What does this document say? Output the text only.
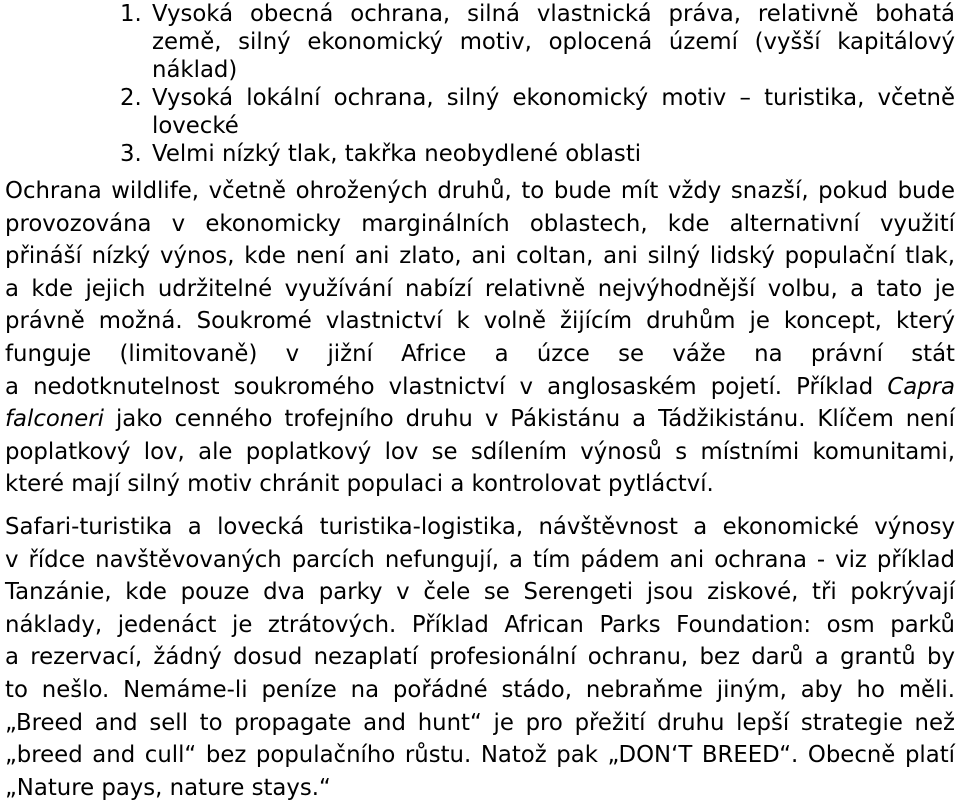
1. Vysoká obecná ochrana, silná vlastnická práva, relativně bohatá
země, silný ekonomický motiv, oplocená území (vyšší kapitálový
náklad)
2. Vysoká lokální ochrana, silný ekonomický motiv – turistika, včetně
lovecké
3. Velmi nízký tlak, takřka neobydlené oblasti
Ochrana wildlife, včetně ohrožených druhů, to bude mít vždy snazší, pokud bude
provozována v ekonomicky marginálních oblastech, kde alternativní využití
přináší nízký výnos, kde není ani zlato, ani coltan, ani silný lidský populační tlak,
a kde jejich udržitelné využívání nabízí relativně nejvýhodnější volbu, a tato je
právně možná. Soukromé vlastnictví k volně žijícím druhům je koncept, který
funguje (limitovaně) v jižní Africe a úzce se váže na právní stát
a nedotknutelnost soukromého vlastnictví v anglosaském pojetí. Příklad Capra
falconeri jako cenného trofejního druhu v Pákistánu a Tádžikistánu. Klíčem není
poplatkový lov, ale poplatkový lov se sdílením výnosů s místními komunitami,
které mají silný motiv chránit populaci a kontrolovat pytláctví.
Safari-turistika a lovecká turistika-logistika, návštěvnost a ekonomické výnosy
v řídce navštěvovaných parcích nefungují, a tím pádem ani ochrana - viz příklad
Tanzánie, kde pouze dva parky v čele se Serengeti jsou ziskové, tři pokrývají
náklady, jedenáct je ztrátových. Příklad African Parks Foundation: osm parků
a rezervací, žádný dosud nezaplatí profesionální ochranu, bez darů a grantů by
to nešlo. Nemáme-li peníze na pořádné stádo, nebraňme jiným, aby ho měli.
„Breed and sell to propagate and hunt“ je pro přežití druhu lepší strategie než
„breed and cull“ bez populačního růstu. Natož pak „DON‘T BREED“. Obecně platí
„Nature pays, nature stays.“
